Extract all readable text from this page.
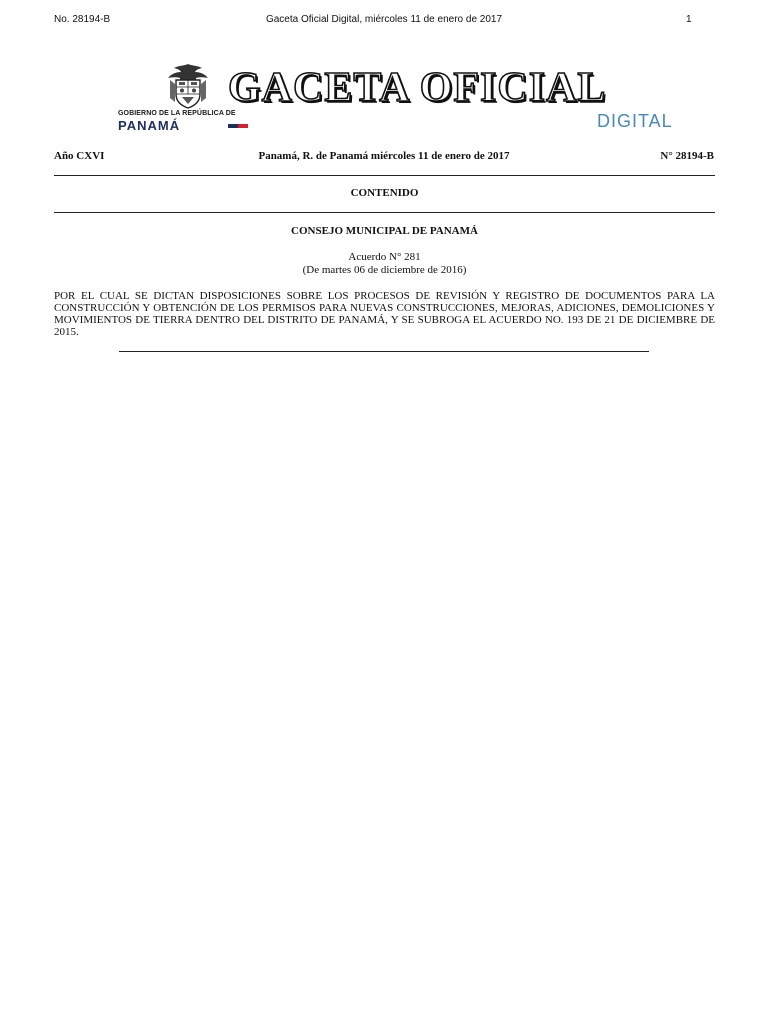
No. 28194-B	Gaceta Oficial Digital, miércoles 11 de enero de 2017	1
GOBIERNO DE LA REPÚBLICA DE
PANAMÁ
GACETA OFICIAL
DIGITAL
Año CXVI	Panamá, R. de Panamá miércoles 11 de enero de 2017	N° 28194-B
CONTENIDO
CONSEJO MUNICIPAL DE PANAMÁ
Acuerdo N° 281
(De martes 06 de diciembre de 2016)
POR EL CUAL SE DICTAN DISPOSICIONES SOBRE LOS PROCESOS DE REVISIÓN Y REGISTRO DE DOCUMENTOS PARA LA CONSTRUCCIÓN Y OBTENCIÓN DE LOS PERMISOS PARA NUEVAS CONSTRUCCIONES, MEJORAS, ADICIONES, DEMOLICIONES Y MOVIMIENTOS DE TIERRA DENTRO DEL DISTRITO DE PANAMÁ, Y SE SUBROGA EL ACUERDO NO. 193 DE 21 DE DICIEMBRE DE 2015.
